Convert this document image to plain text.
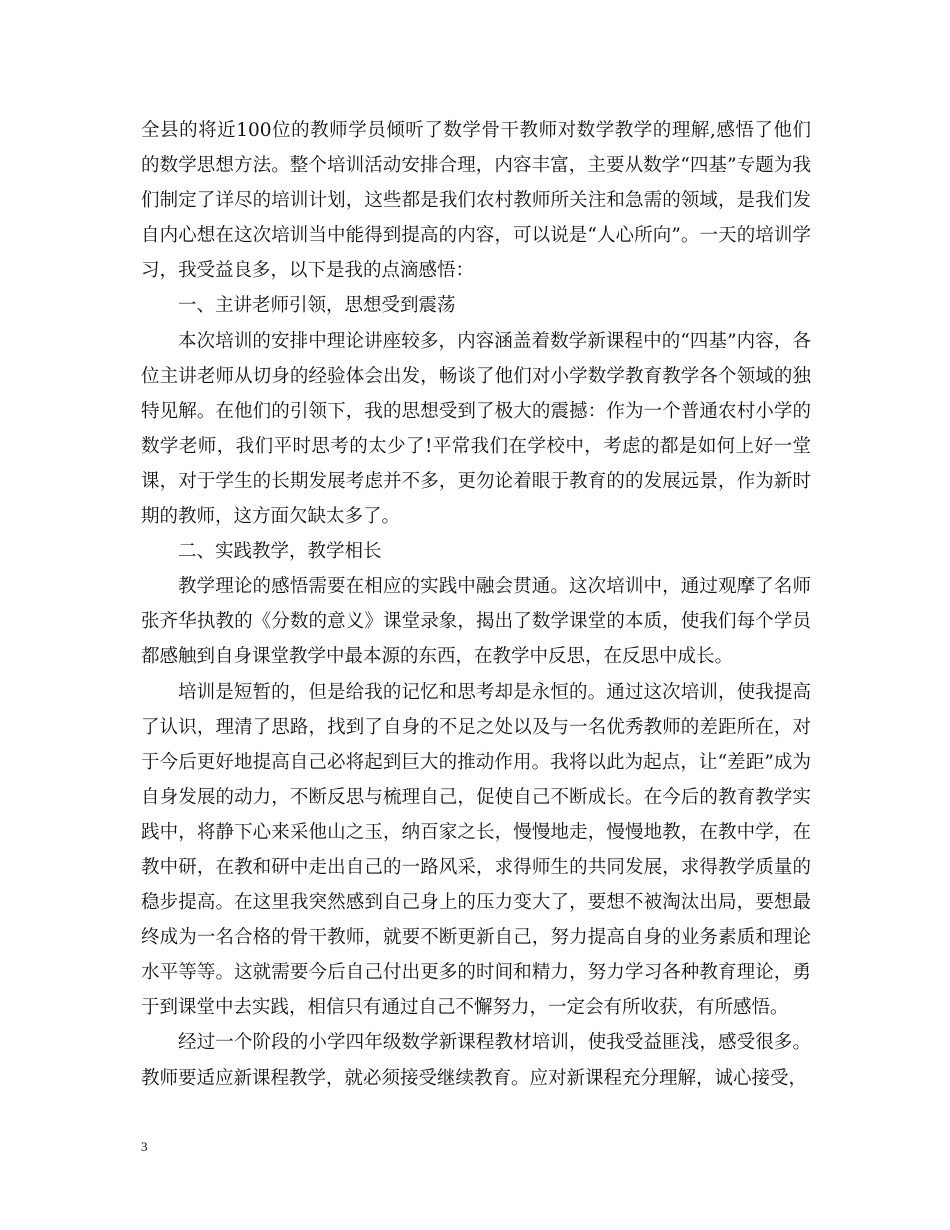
全县的将近100位的教师学员倾听了数学骨干教师对数学教学的理解,感悟了他们的数学思想方法。整个培训活动安排合理，内容丰富，主要从数学“四基”专题为我们制定了详尽的培训计划，这些都是我们农村教师所关注和急需的领域，是我们发自内心想在这次培训当中能得到提高的内容，可以说是“人心所向”。一天的培训学习，我受益良多，以下是我的点滴感悟：

一、主讲老师引领，思想受到震荡

本次培训的安排中理论讲座较多，内容涵盖着数学新课程中的“四基”内容，各位主讲老师从切身的经验体会出发，畅谈了他们对小学数学教育教学各个领域的独特见解。在他们的引领下，我的思想受到了极大的震撼：作为一个普通农村小学的数学老师，我们平时思考的太少了!平常我们在学校中，考虑的都是如何上好一堂课，对于学生的长期发展考虑并不多，更勿论着眼于教育的的发展远景，作为新时期的教师，这方面欠缺太多了。

二、实践教学，教学相长

教学理论的感悟需要在相应的实践中融会贯通。这次培训中，通过观摩了名师张齐华执教的《分数的意义》课堂录象，揭出了数学课堂的本质，使我们每个学员都感触到自身课堂教学中最本源的东西，在教学中反思，在反思中成长。

培训是短暂的，但是给我的记忆和思考却是永恒的。通过这次培训，使我提高了认识，理清了思路，找到了自身的不足之处以及与一名优秀教师的差距所在，对于今后更好地提高自己必将起到巨大的推动作用。我将以此为起点，让“差距”成为自身发展的动力，不断反思与梳理自己，促使自己不断成长。在今后的教育教学实践中，将静下心来采他山之玉，纳百家之长，慢慢地走，慢慢地教，在教中学，在教中研，在教和研中走出自己的一路风采，求得师生的共同发展，求得教学质量的稳步提高。在这里我突然感到自己身上的压力变大了，要想不被淘汰出局，要想最终成为一名合格的骨干教师，就要不断更新自己，努力提高自身的业务素质和理论水平等等。这就需要今后自己付出更多的时间和精力，努力学习各种教育理论，勇于到课堂中去实践，相信只有通过自己不懈努力，一定会有所收获，有所感悟。

经过一个阶段的小学四年级数学新课程教材培训，使我受益匪浅，感受很多。教师要适应新课程教学，就必须接受继续教育。应对新课程充分理解，诚心接受，

3
